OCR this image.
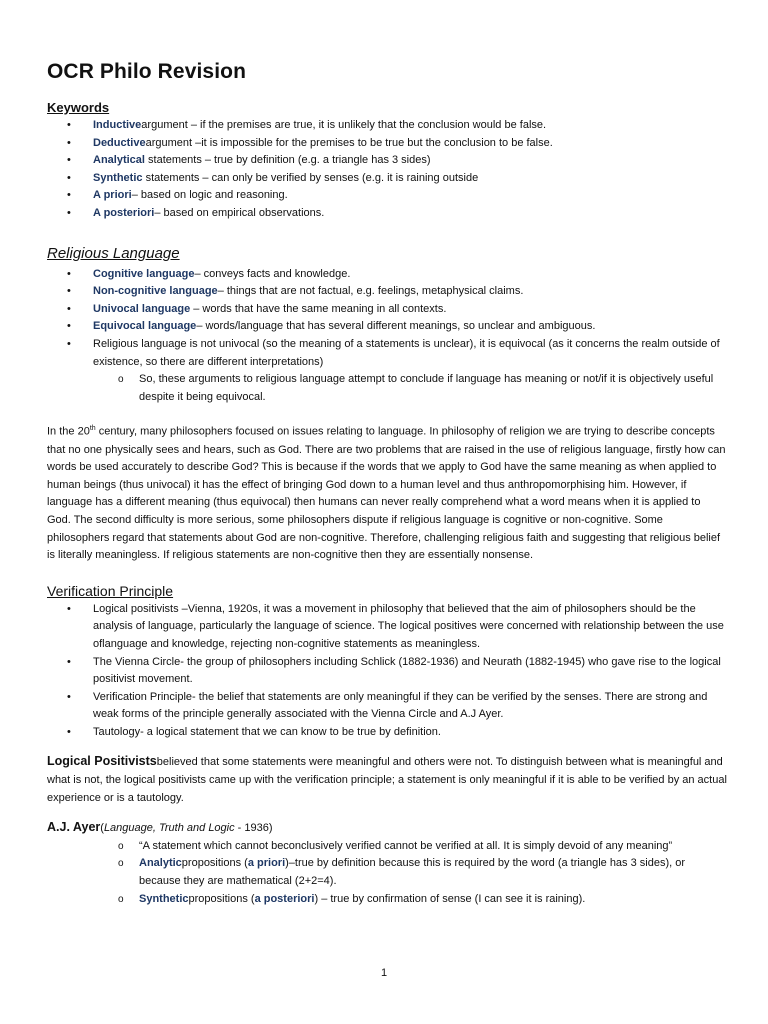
OCR Philo Revision
Keywords
• Inductiveargument – if the premises are true, it is unlikely that the conclusion would be false.
• Deductiveargument –it is impossible for the premises to be true but the conclusion to be false.
• Analytical statements – true by definition (e.g. a triangle has 3 sides)
• Synthetic statements – can only be verified by senses (e.g. it is raining outside
• A priori– based on logic and reasoning.
• A posteriori– based on empirical observations.
Religious Language
• Cognitive language– conveys facts and knowledge.
• Non-cognitive language– things that are not factual, e.g. feelings, metaphysical claims.
• Univocal language – words that have the same meaning in all contexts.
• Equivocal language– words/language that has several different meanings, so unclear and ambiguous.
• Religious language is not univocal (so the meaning of a statements is unclear), it is equivocal (as it concerns the realm outside of existence, so there are different interpretations)
o So, these arguments to religious language attempt to conclude if language has meaning or not/if it is objectively useful despite it being equivocal.

In the 20th century, many philosophers focused on issues relating to language. In philosophy of religion we are trying to describe concepts that no one physically sees and hears, such as God. There are two problems that are raised in the use of religious language, firstly how can words be used accurately to describe God? This is because if the words that we apply to God have the same meaning as when applied to human beings (thus univocal) it has the effect of bringing God down to a human level and thus anthropomorphising him. However, if language has a different meaning (thus equivocal) then humans can never really comprehend what a word means when it is applied to God. The second difficulty is more serious, some philosophers dispute if religious language is cognitive or non-cognitive. Some philosophers regard that statements about God are non-cognitive. Therefore, challenging religious faith and suggesting that religious belief is literally meaningless. If religious statements are non-cognitive then they are essentially nonsense.

Verification Principle
• Logical positivists –Vienna, 1920s, it was a movement in philosophy that believed that the aim of philosophers should be the analysis of language, particularly the language of science. The logical positives were concerned with relationship between the use oflanguage and knowledge, rejecting non-cognitive statements as meaningless.
• The Vienna Circle- the group of philosophers including Schlick (1882-1936) and Neurath (1882-1945) who gave rise to the logical positivist movement.
• Verification Principle- the belief that statements are only meaningful if they can be verified by the senses. There are strong and weak forms of the principle generally associated with the Vienna Circle and A.J Ayer.
• Tautology- a logical statement that we can know to be true by definition.

Logical Positivistsbelieved that some statements were meaningful and others were not. To distinguish between what is meaningful and what is not, the logical positivists came up with the verification principle; a statement is only meaningful if it is able to be verified by an actual experience or is a tautology.

A.J. Ayer(Language, Truth and Logic - 1936)

o “A statement which cannot beconclusively verified cannot be verified at all. It is simply devoid of any meaning”
o Analyticpropositions (a priori)–true by definition because this is required by the word (a triangle has 3 sides), or because they are mathematical (2+2=4).
o Syntheticpropositions (a posteriori) – true by confirmation of sense (I can see it is raining).
1
